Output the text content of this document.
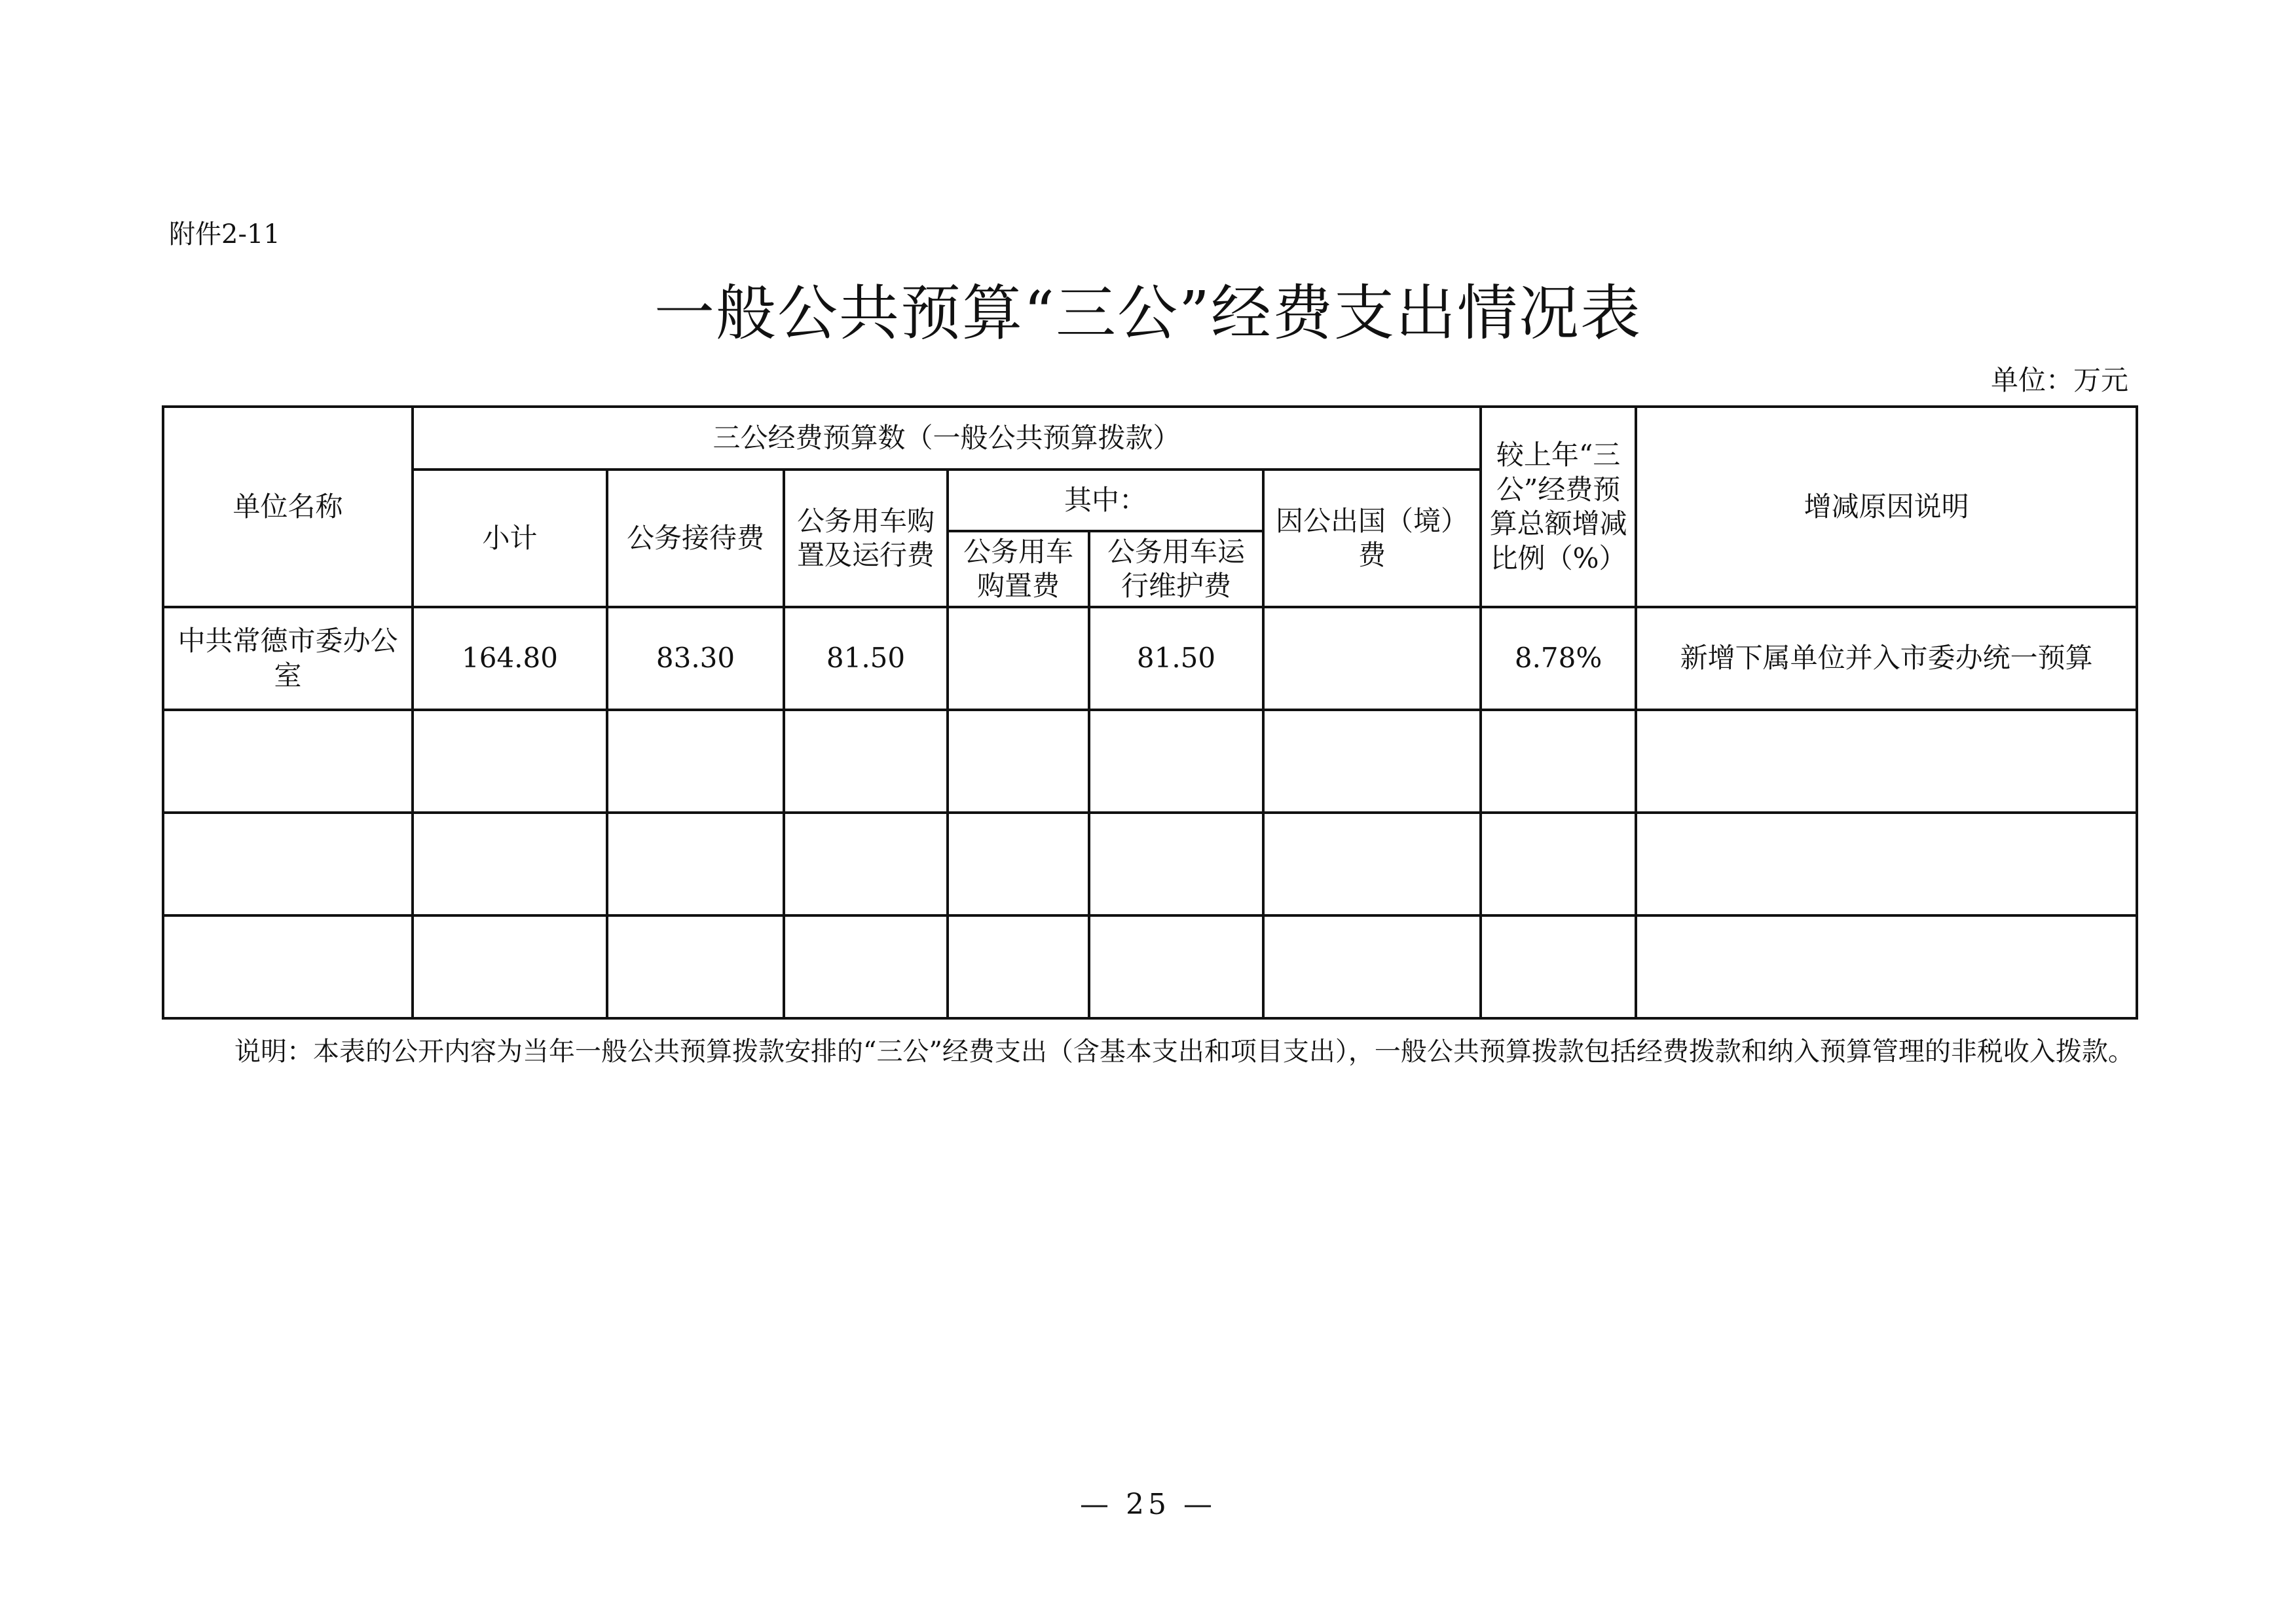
附件2-11
一般公共预算“三公”经费支出情况表
单位：万元
单位名称	三公经费预算数（一般公共预算拨款）						较上年“三公”经费预算总额增减比例（%）	增减原因说明
	小计	公务接待费	公务用车购置及运行费	其中：		因公出国（境）费		
				公务用车购置费	公务用车运行维护费			
中共常德市委办公室	164.80	83.30	81.50		81.50		8.78%	新增下属单位并入市委办统一预算

说明：本表的公开内容为当年一般公共预算拨款安排的“三公”经费支出（含基本支出和项目支出），一般公共预算拨款包括经费拨款和纳入预算管理的非税收入拨款。
— 25 —
